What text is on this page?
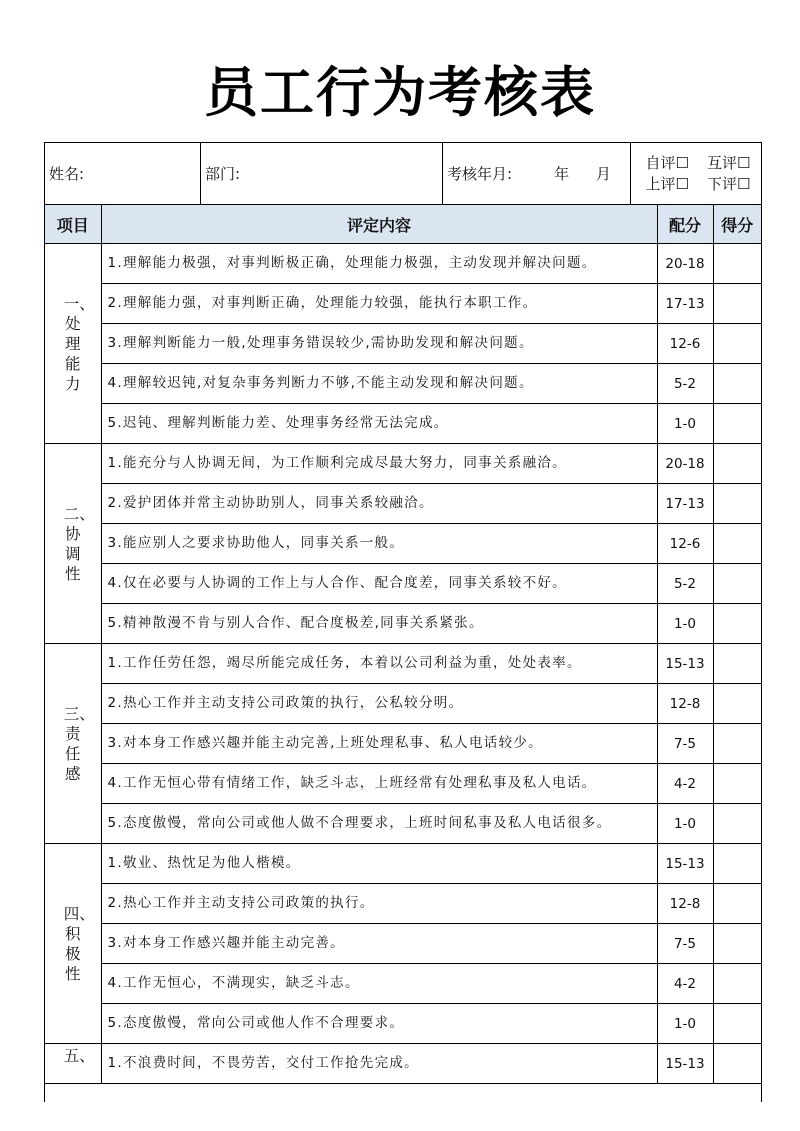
员工行为考核表
姓名:	部门:	考核年月:	年 月
自评☐ 互评☐
上评☐ 下评☐
项目	评定内容	配分	得分
一、处理能力	1.理解能力极强，对事判断极正确，处理能力极强，主动发现并解决问题。	20-18	
	2.理解能力强，对事判断正确，处理能力较强，能执行本职工作。	17-13	
	3.理解判断能力一般,处理事务错误较少,需协助发现和解决问题。	12-6	
	4.理解较迟钝,对复杂事务判断力不够,不能主动发现和解决问题。	5-2	
	5.迟钝、理解判断能力差、处理事务经常无法完成。	1-0	
二、协调性	1.能充分与人协调无间，为工作顺利完成尽最大努力，同事关系融洽。	20-18	
	2.爱护团体并常主动协助别人，同事关系较融洽。	17-13	
	3.能应别人之要求协助他人，同事关系一般。	12-6	
	4.仅在必要与人协调的工作上与人合作、配合度差，同事关系较不好。	5-2	
	5.精神散漫不肯与别人合作、配合度极差,同事关系紧张。	1-0	
三、责任感	1.工作任劳任怨，竭尽所能完成任务，本着以公司利益为重，处处表率。	15-13	
	2.热心工作并主动支持公司政策的执行，公私较分明。	12-8	
	3.对本身工作感兴趣并能主动完善,上班处理私事、私人电话较少。	7-5	
	4.工作无恒心带有情绪工作，缺乏斗志，上班经常有处理私事及私人电话。	4-2	
	5.态度傲慢，常向公司或他人做不合理要求，上班时间私事及私人电话很多。	1-0	
四、积极性	1.敬业、热忱足为他人楷模。	15-13	
	2.热心工作并主动支持公司政策的执行。	12-8	
	3.对本身工作感兴趣并能主动完善。	7-5	
	4.工作无恒心，不满现实，缺乏斗志。	4-2	
	5.态度傲慢，常向公司或他人作不合理要求。	1-0	
五、	1.不浪费时间，不畏劳苦，交付工作抢先完成。	15-13	
